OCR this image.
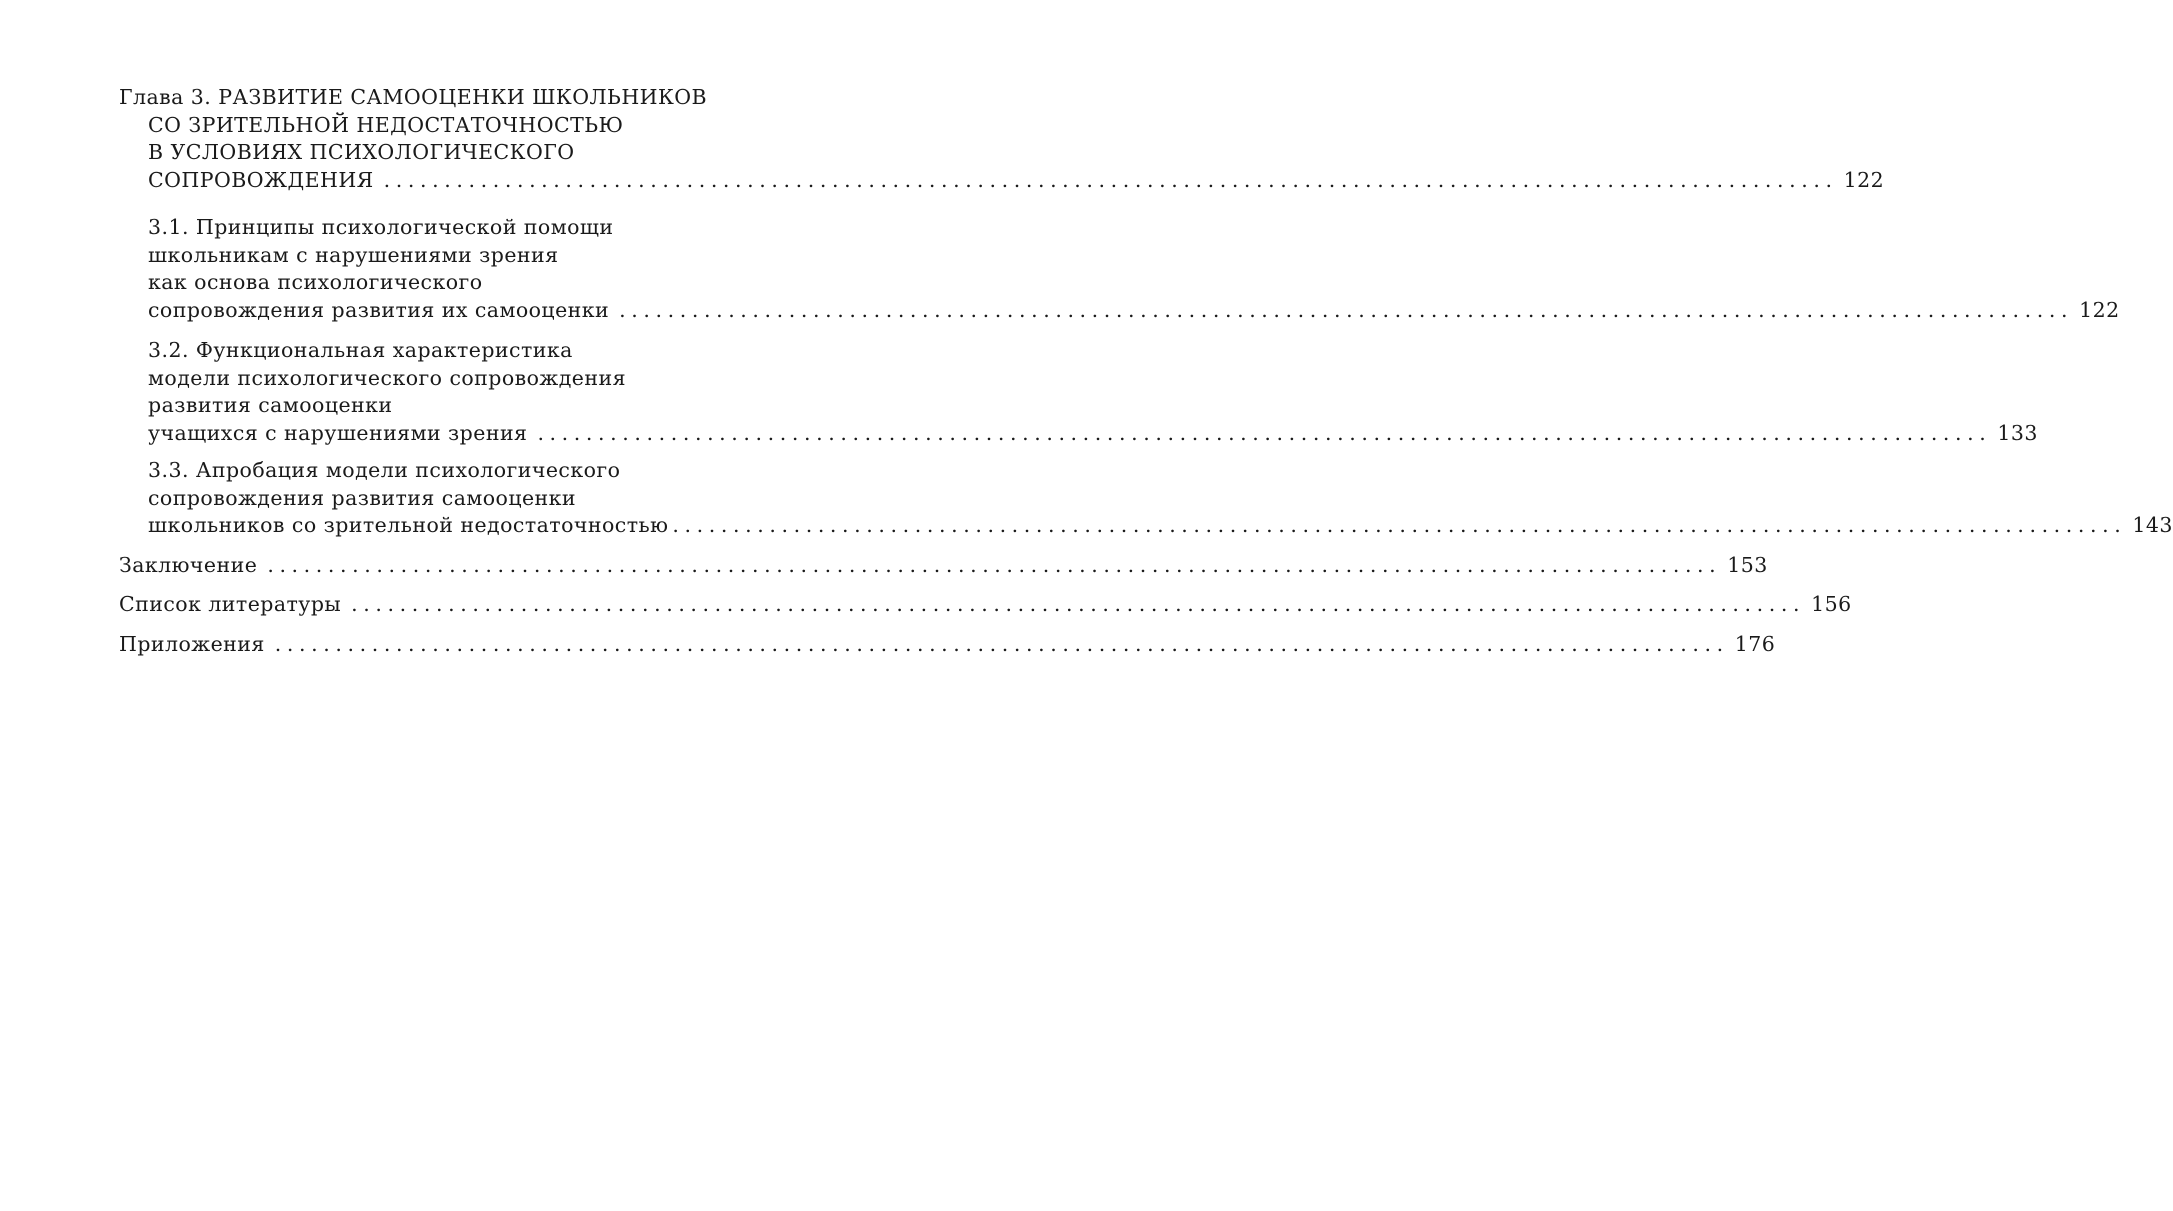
Глава 3. РАЗВИТИЕ САМООЦЕНКИ ШКОЛЬНИКОВ
СО ЗРИТЕЛЬНОЙ НЕДОСТАТОЧНОСТЬЮ
В УСЛОВИЯХ ПСИХОЛОГИЧЕСКОГО
СОПРОВОЖДЕНИЯ ........................................................................................................................ 122
3.1. Принципы психологической помощи
школьникам с нарушениями зрения
как основа психологического
сопровождения развития их самооценки ........................................................................................................................ 122
3.2. Функциональная характеристика
модели психологического сопровождения
развития самооценки
учащихся с нарушениями зрения ........................................................................................................................ 133
3.3. Апробация модели психологического
сопровождения развития самооценки
школьников со зрительной недостаточностью ........................................................................................................................ 143
Заключение ........................................................................................................................ 153
Список литературы ........................................................................................................................ 156
Приложения ........................................................................................................................ 176
